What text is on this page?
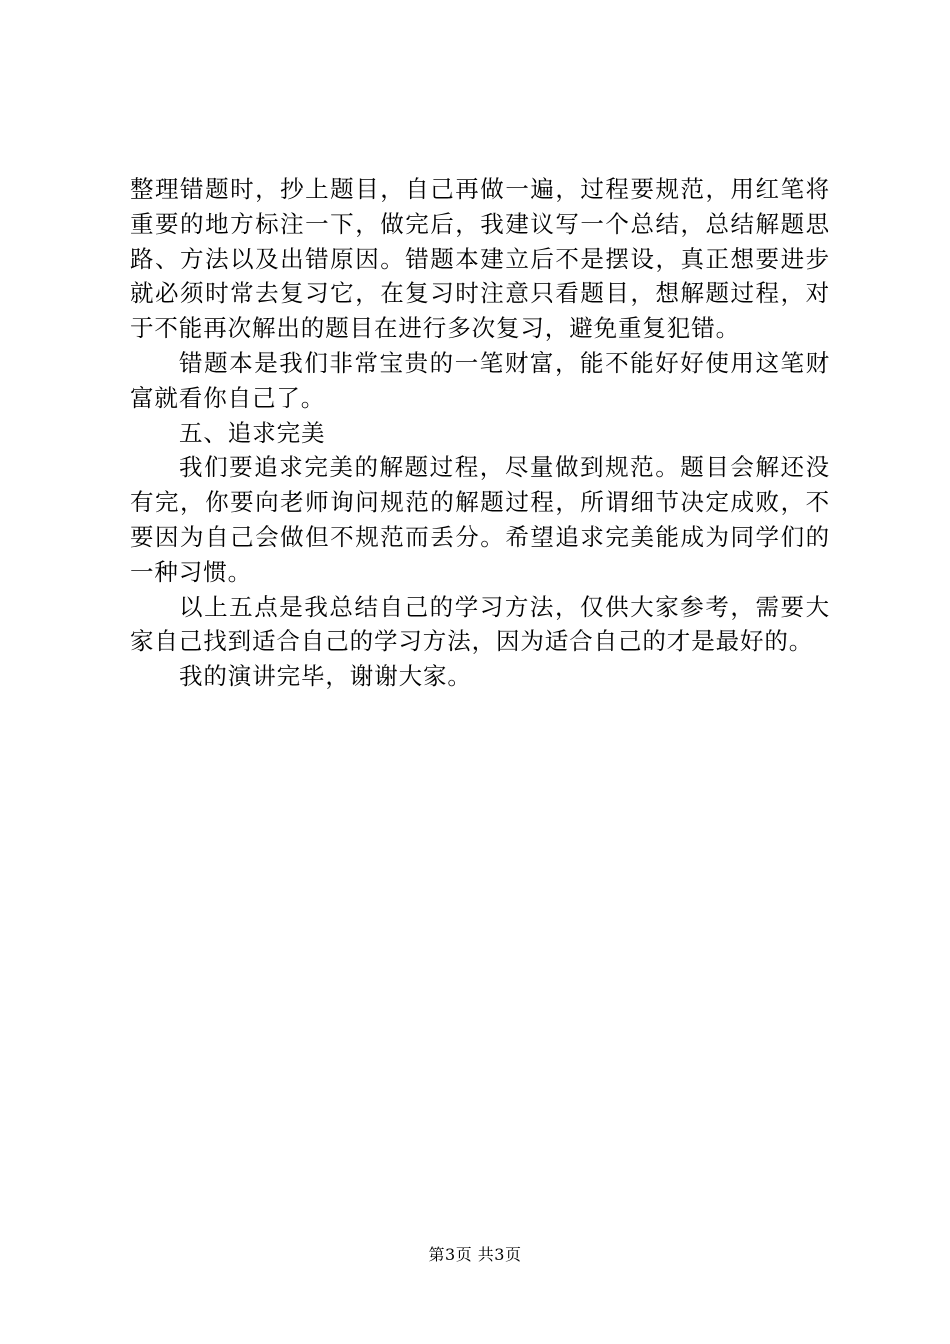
整理错题时，抄上题目，自己再做一遍，过程要规范，用红笔将重要的地方标注一下，做完后，我建议写一个总结，总结解题思路、方法以及出错原因。错题本建立后不是摆设，真正想要进步就必须时常去复习它，在复习时注意只看题目，想解题过程，对于不能再次解出的题目在进行多次复习，避免重复犯错。

错题本是我们非常宝贵的一笔财富，能不能好好使用这笔财富就看你自己了。

五、追求完美

我们要追求完美的解题过程，尽量做到规范。题目会解还没有完，你要向老师询问规范的解题过程，所谓细节决定成败，不要因为自己会做但不规范而丢分。希望追求完美能成为同学们的一种习惯。

以上五点是我总结自己的学习方法，仅供大家参考，需要大家自己找到适合自己的学习方法，因为适合自己的才是最好的。

我的演讲完毕，谢谢大家。

第3页 共3页
